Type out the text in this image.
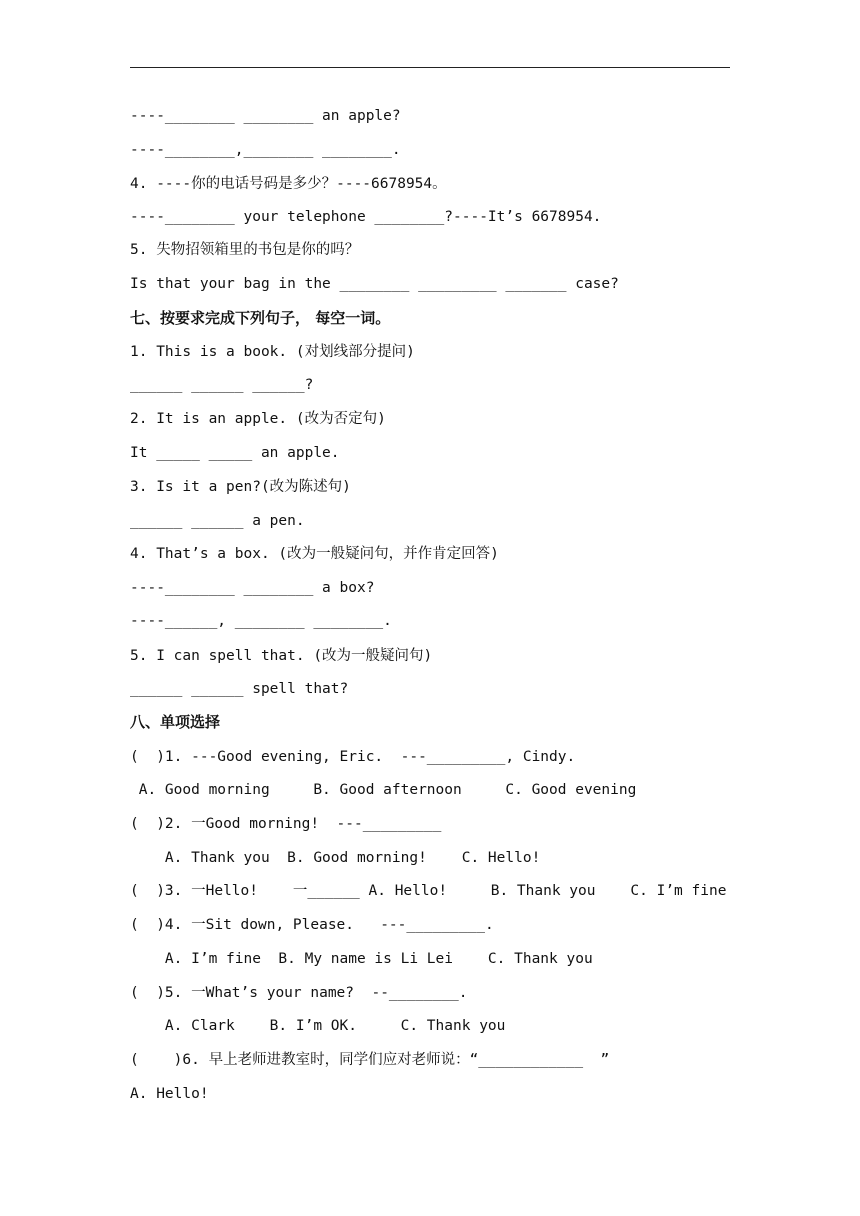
----________ ________ an apple?
----________,________ ________.
4. ----你的电话号码是多少？----6678954。
----________ your telephone ________?----It’s 6678954.
5. 失物招领箱里的书包是你的吗？
Is that your bag in the ________ _________ _______ case?
七、按要求完成下列句子， 每空一词。
1. This is a book. (对划线部分提问)
______ ______ ______?
2. It is an apple. (改为否定句)
It _____ _____ an apple.
3. Is it a pen?(改为陈述句)
______ ______ a pen.
4. That’s a box. (改为一般疑问句，并作肯定回答)
----________ ________ a box?
----______, ________ ________.
5. I can spell that. (改为一般疑问句)
______ ______ spell that?
八、单项选择
(  )1. ---Good evening, Eric.  ---_________, Cindy.
A. Good morning     B. Good afternoon     C. Good evening
(  )2. 一Good morning!  ---_________
A. Thank you  B. Good morning!    C. Hello!
(  )3. 一Hello!    一______ A. Hello!     B. Thank you    C. I’m fine
(  )4. 一Sit down, Please.   ---_________.
A. I’m fine  B. My name is Li Lei    C. Thank you
(  )5. 一What’s your name?  --________.
A. Clark    B. I’m OK.     C. Thank you
(    )6. 早上老师进教室时，同学们应对老师说：“____________  ”
A. Hello!
